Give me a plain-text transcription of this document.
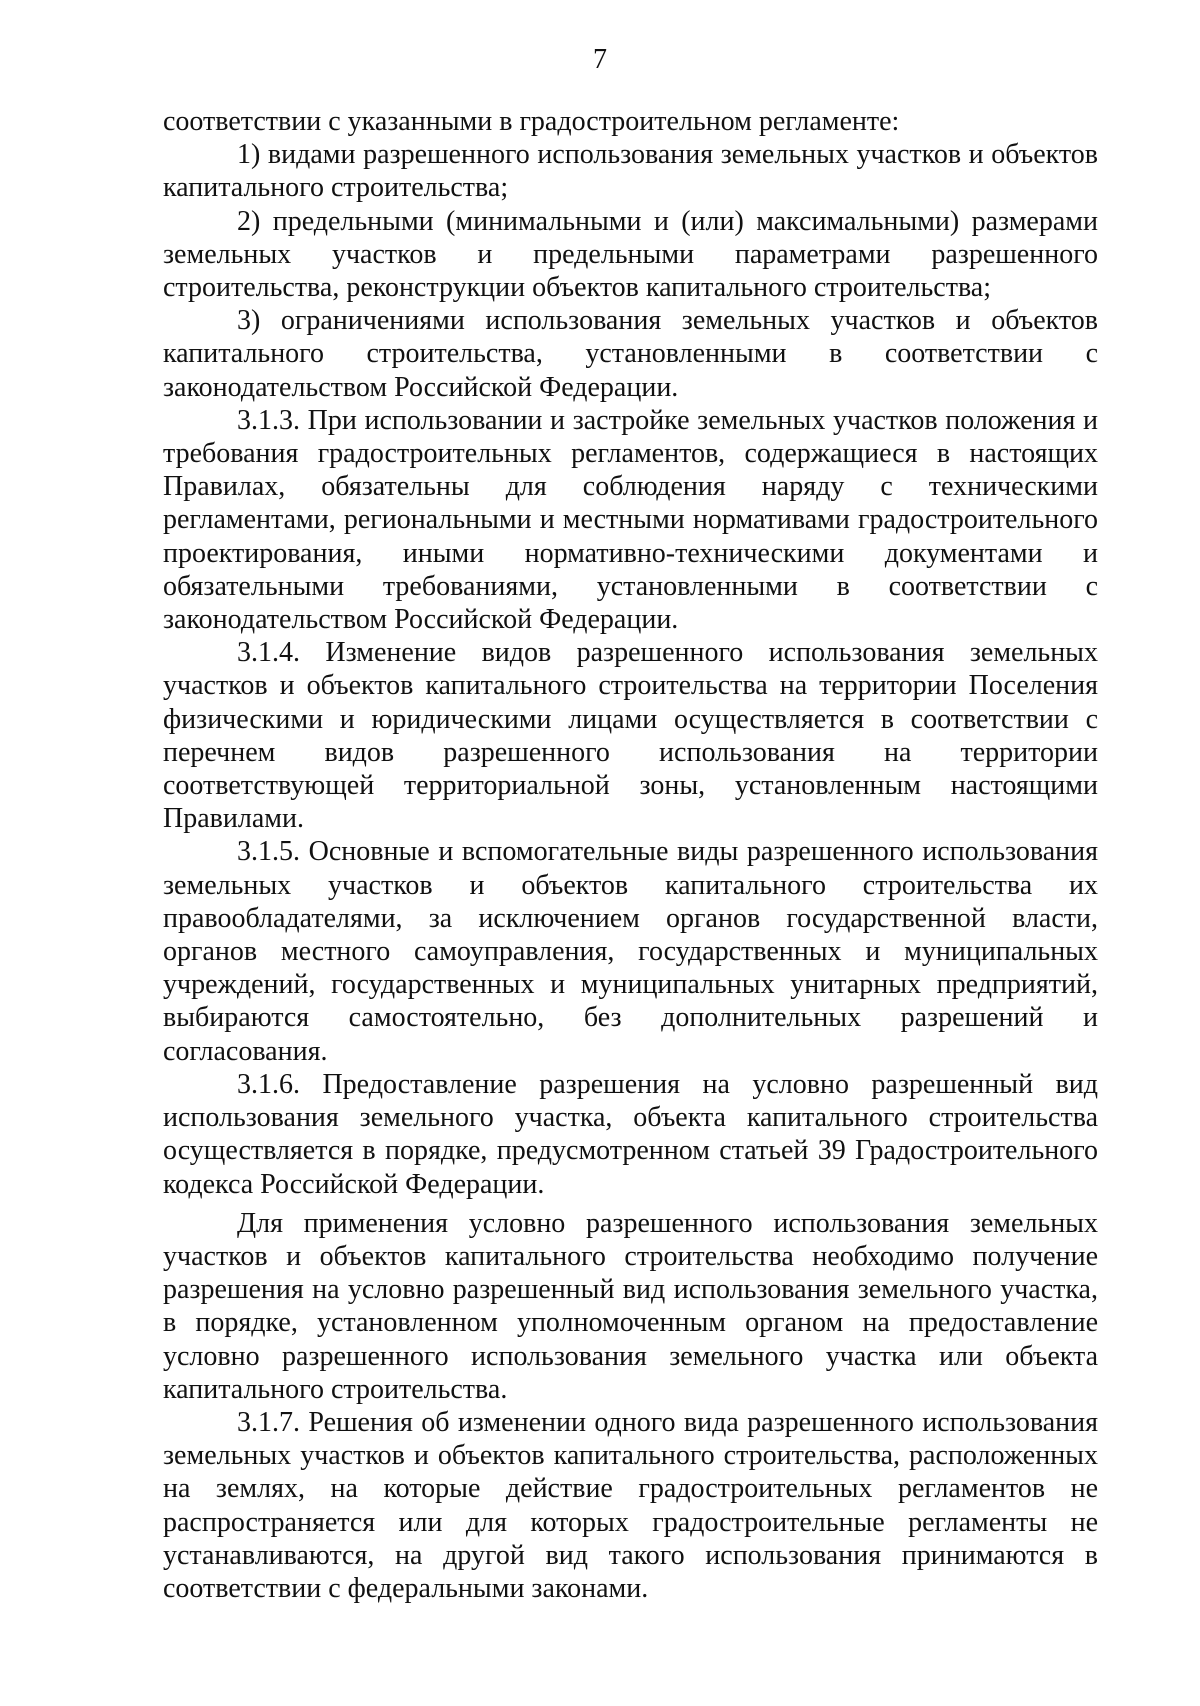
7

соответствии с указанными в градостроительном регламенте:

1) видами разрешенного использования земельных участков и объектов капитального строительства;

2) предельными (минимальными и (или) максимальными) размерами земельных участков и предельными параметрами разрешенного строительства, реконструкции объектов капитального строительства;

3) ограничениями использования земельных участков и объектов капитального строительства, установленными в соответствии с законодательством Российской Федерации.

3.1.3. При использовании и застройке земельных участков положения и требования градостроительных регламентов, содержащиеся в настоящих Правилах, обязательны для соблюдения наряду с техническими регламентами, региональными и местными нормативами градостроительного проектирования, иными нормативно-техническими документами и обязательными требованиями, установленными в соответствии с законодательством Российской Федерации.

3.1.4. Изменение видов разрешенного использования земельных участков и объектов капитального строительства на территории Поселения физическими и юридическими лицами осуществляется в соответствии с перечнем видов разрешенного использования на территории соответствующей территориальной зоны, установленным настоящими Правилами.

3.1.5. Основные и вспомогательные виды разрешенного использования земельных участков и объектов капитального строительства их правообладателями, за исключением органов государственной власти, органов местного самоуправления, государственных и муниципальных учреждений, государственных и муниципальных унитарных предприятий, выбираются самостоятельно, без дополнительных разрешений и согласования.

3.1.6. Предоставление разрешения на условно разрешенный вид использования земельного участка, объекта капитального строительства осуществляется в порядке, предусмотренном статьей 39 Градостроительного кодекса Российской Федерации.

Для применения условно разрешенного использования земельных участков и объектов капитального строительства необходимо получение разрешения на условно разрешенный вид использования земельного участка, в порядке, установленном уполномоченным органом на предоставление условно разрешенного использования земельного участка или объекта капитального строительства.

3.1.7. Решения об изменении одного вида разрешенного использования земельных участков и объектов капитального строительства, расположенных на землях, на которые действие градостроительных регламентов не распространяется или для которых градостроительные регламенты не устанавливаются, на другой вид такого использования принимаются в соответствии с федеральными законами.
